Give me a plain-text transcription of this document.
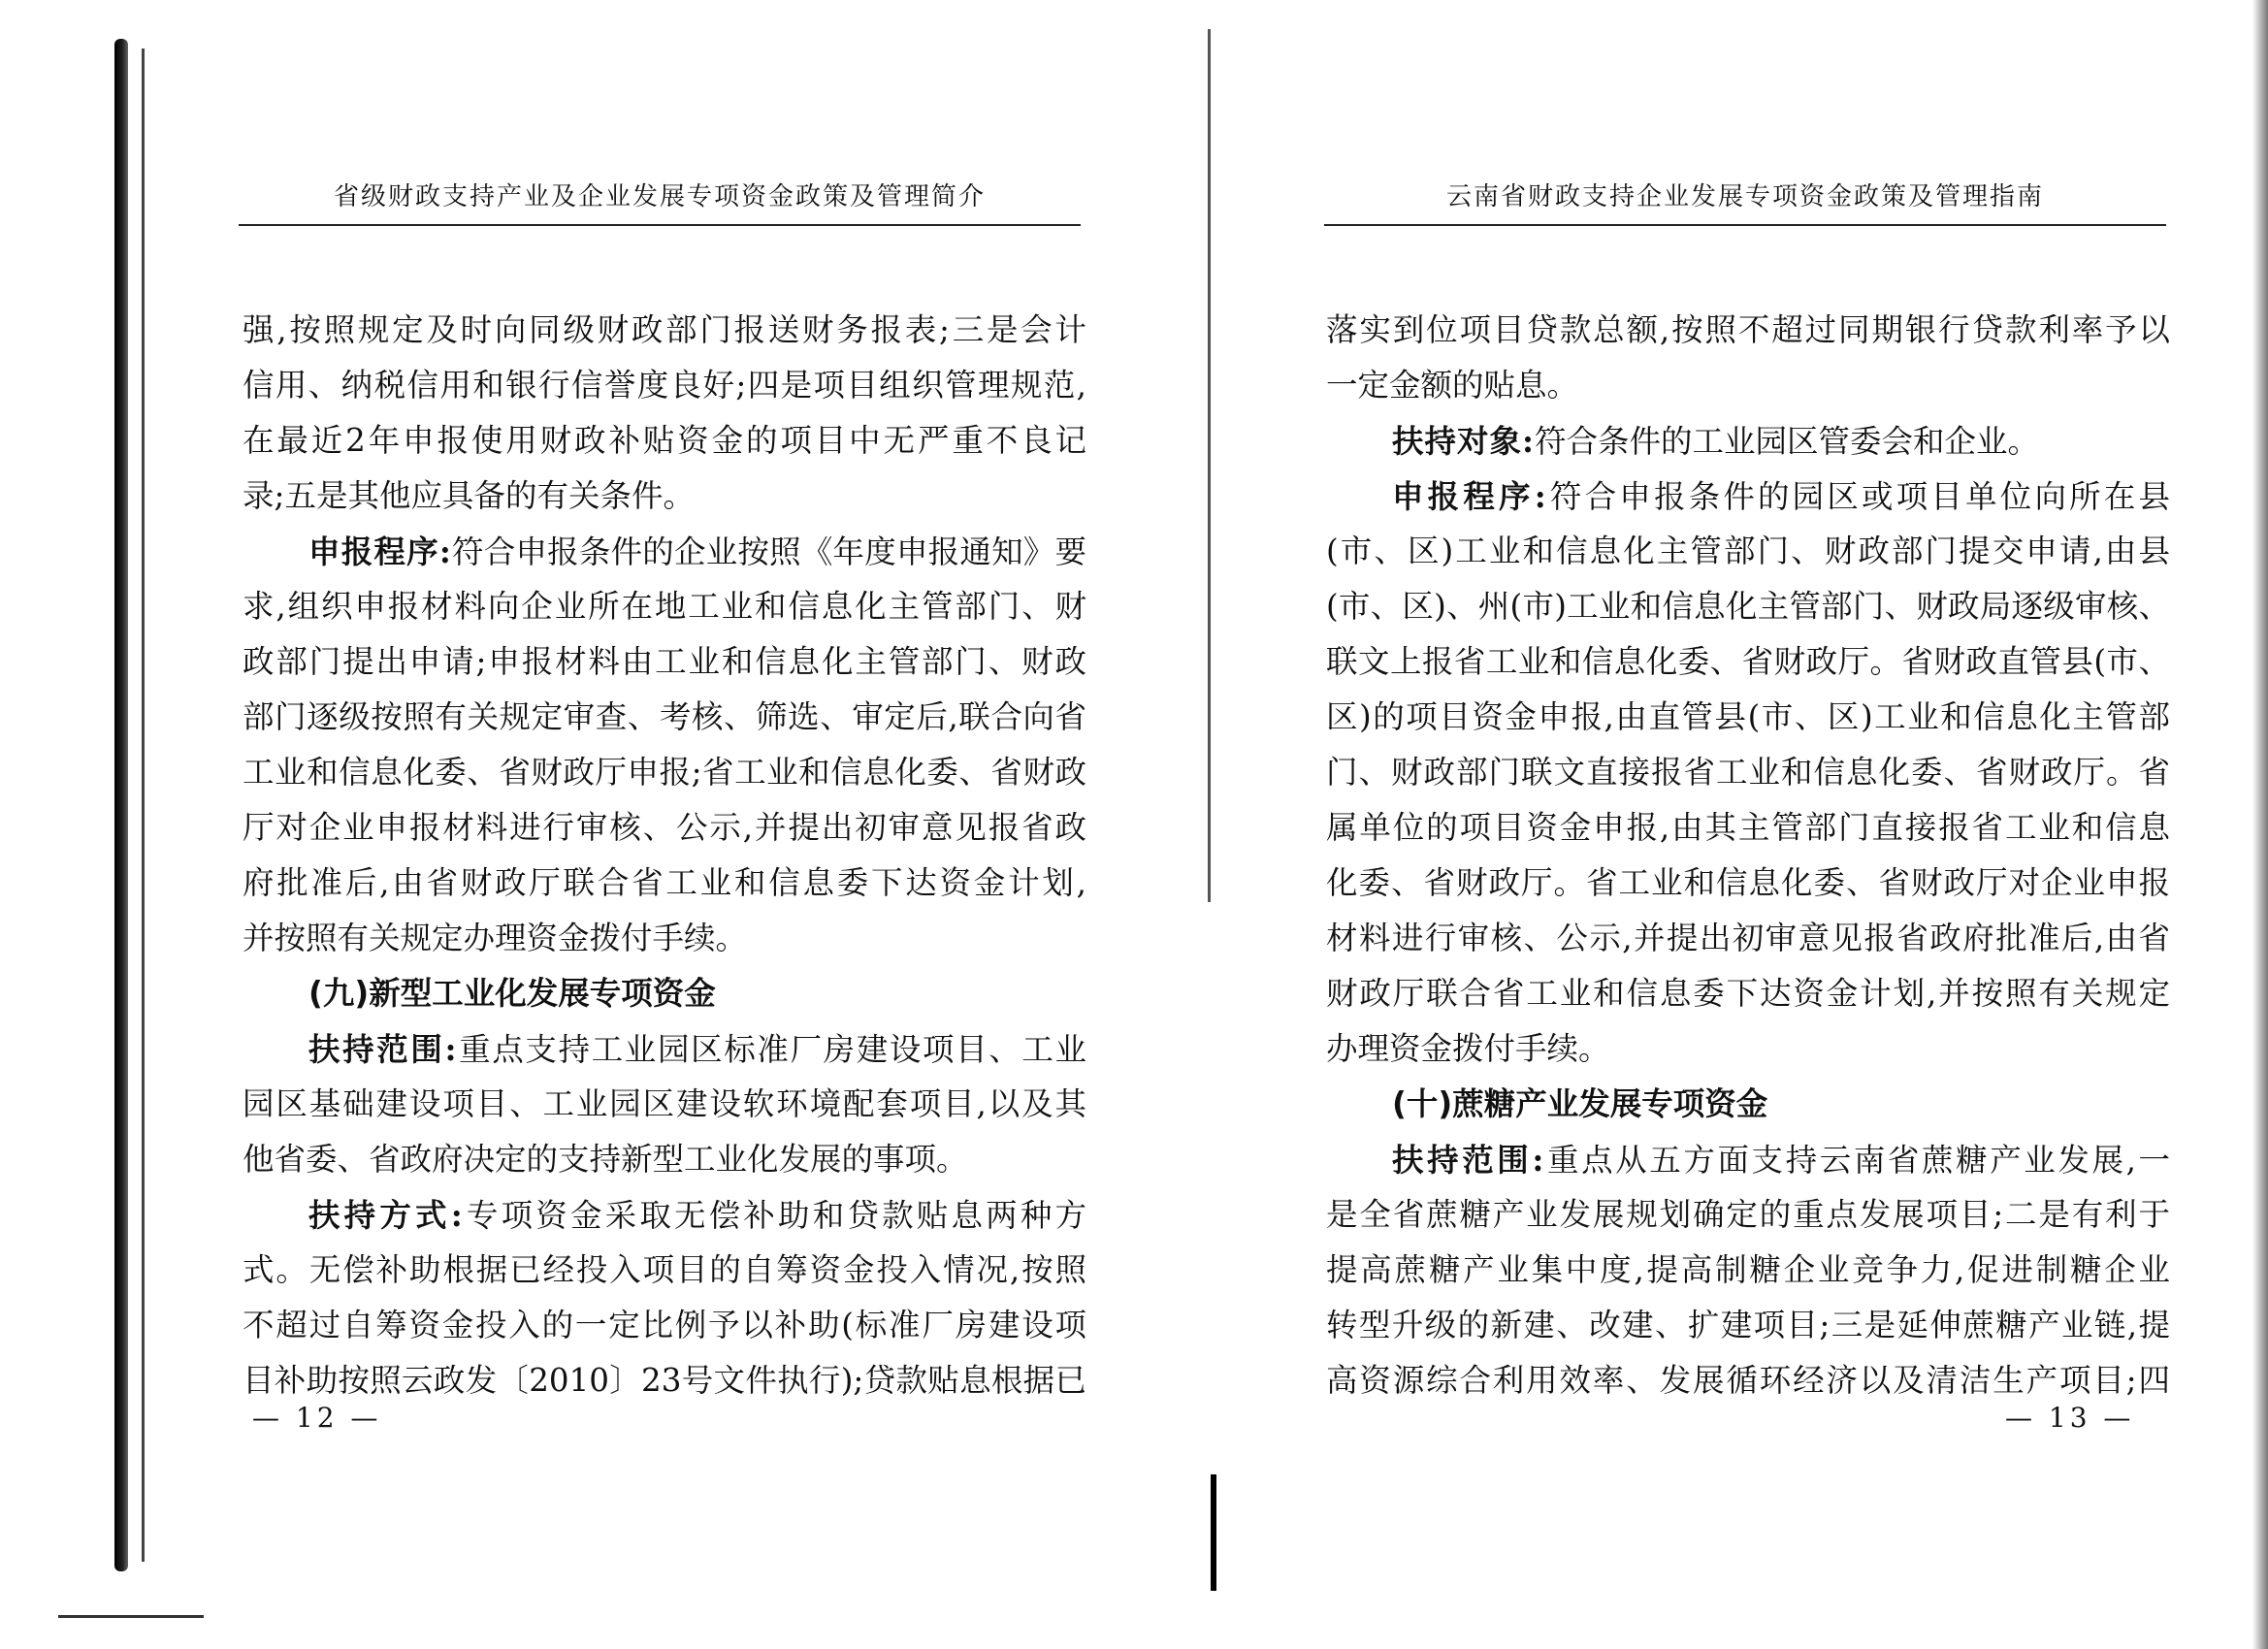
省级财政支持产业及企业发展专项资金政策及管理简介
强,按照规定及时向同级财政部门报送财务报表;三是会计
信用、纳税信用和银行信誉度良好;四是项目组织管理规范,
在最近2年申报使用财政补贴资金的项目中无严重不良记
录;五是其他应具备的有关条件。
申报程序:符合申报条件的企业按照《年度申报通知》要
求,组织申报材料向企业所在地工业和信息化主管部门、财
政部门提出申请;申报材料由工业和信息化主管部门、财政
部门逐级按照有关规定审查、考核、筛选、审定后,联合向省
工业和信息化委、省财政厅申报;省工业和信息化委、省财政
厅对企业申报材料进行审核、公示,并提出初审意见报省政
府批准后,由省财政厅联合省工业和信息委下达资金计划,
并按照有关规定办理资金拨付手续。
(九)新型工业化发展专项资金
扶持范围:重点支持工业园区标准厂房建设项目、工业
园区基础建设项目、工业园区建设软环境配套项目,以及其
他省委、省政府决定的支持新型工业化发展的事项。
扶持方式:专项资金采取无偿补助和贷款贴息两种方
式。无偿补助根据已经投入项目的自筹资金投入情况,按照
不超过自筹资金投入的一定比例予以补助(标准厂房建设项
目补助按照云政发〔2010〕23号文件执行);贷款贴息根据已
— 12 —
云南省财政支持企业发展专项资金政策及管理指南
落实到位项目贷款总额,按照不超过同期银行贷款利率予以
一定金额的贴息。
扶持对象:符合条件的工业园区管委会和企业。
申报程序:符合申报条件的园区或项目单位向所在县
(市、区)工业和信息化主管部门、财政部门提交申请,由县
(市、区)、州(市)工业和信息化主管部门、财政局逐级审核、
联文上报省工业和信息化委、省财政厅。省财政直管县(市、
区)的项目资金申报,由直管县(市、区)工业和信息化主管部
门、财政部门联文直接报省工业和信息化委、省财政厅。省
属单位的项目资金申报,由其主管部门直接报省工业和信息
化委、省财政厅。省工业和信息化委、省财政厅对企业申报
材料进行审核、公示,并提出初审意见报省政府批准后,由省
财政厅联合省工业和信息委下达资金计划,并按照有关规定
办理资金拨付手续。
(十)蔗糖产业发展专项资金
扶持范围:重点从五方面支持云南省蔗糖产业发展,一
是全省蔗糖产业发展规划确定的重点发展项目;二是有利于
提高蔗糖产业集中度,提高制糖企业竞争力,促进制糖企业
转型升级的新建、改建、扩建项目;三是延伸蔗糖产业链,提
高资源综合利用效率、发展循环经济以及清洁生产项目;四
— 13 —
